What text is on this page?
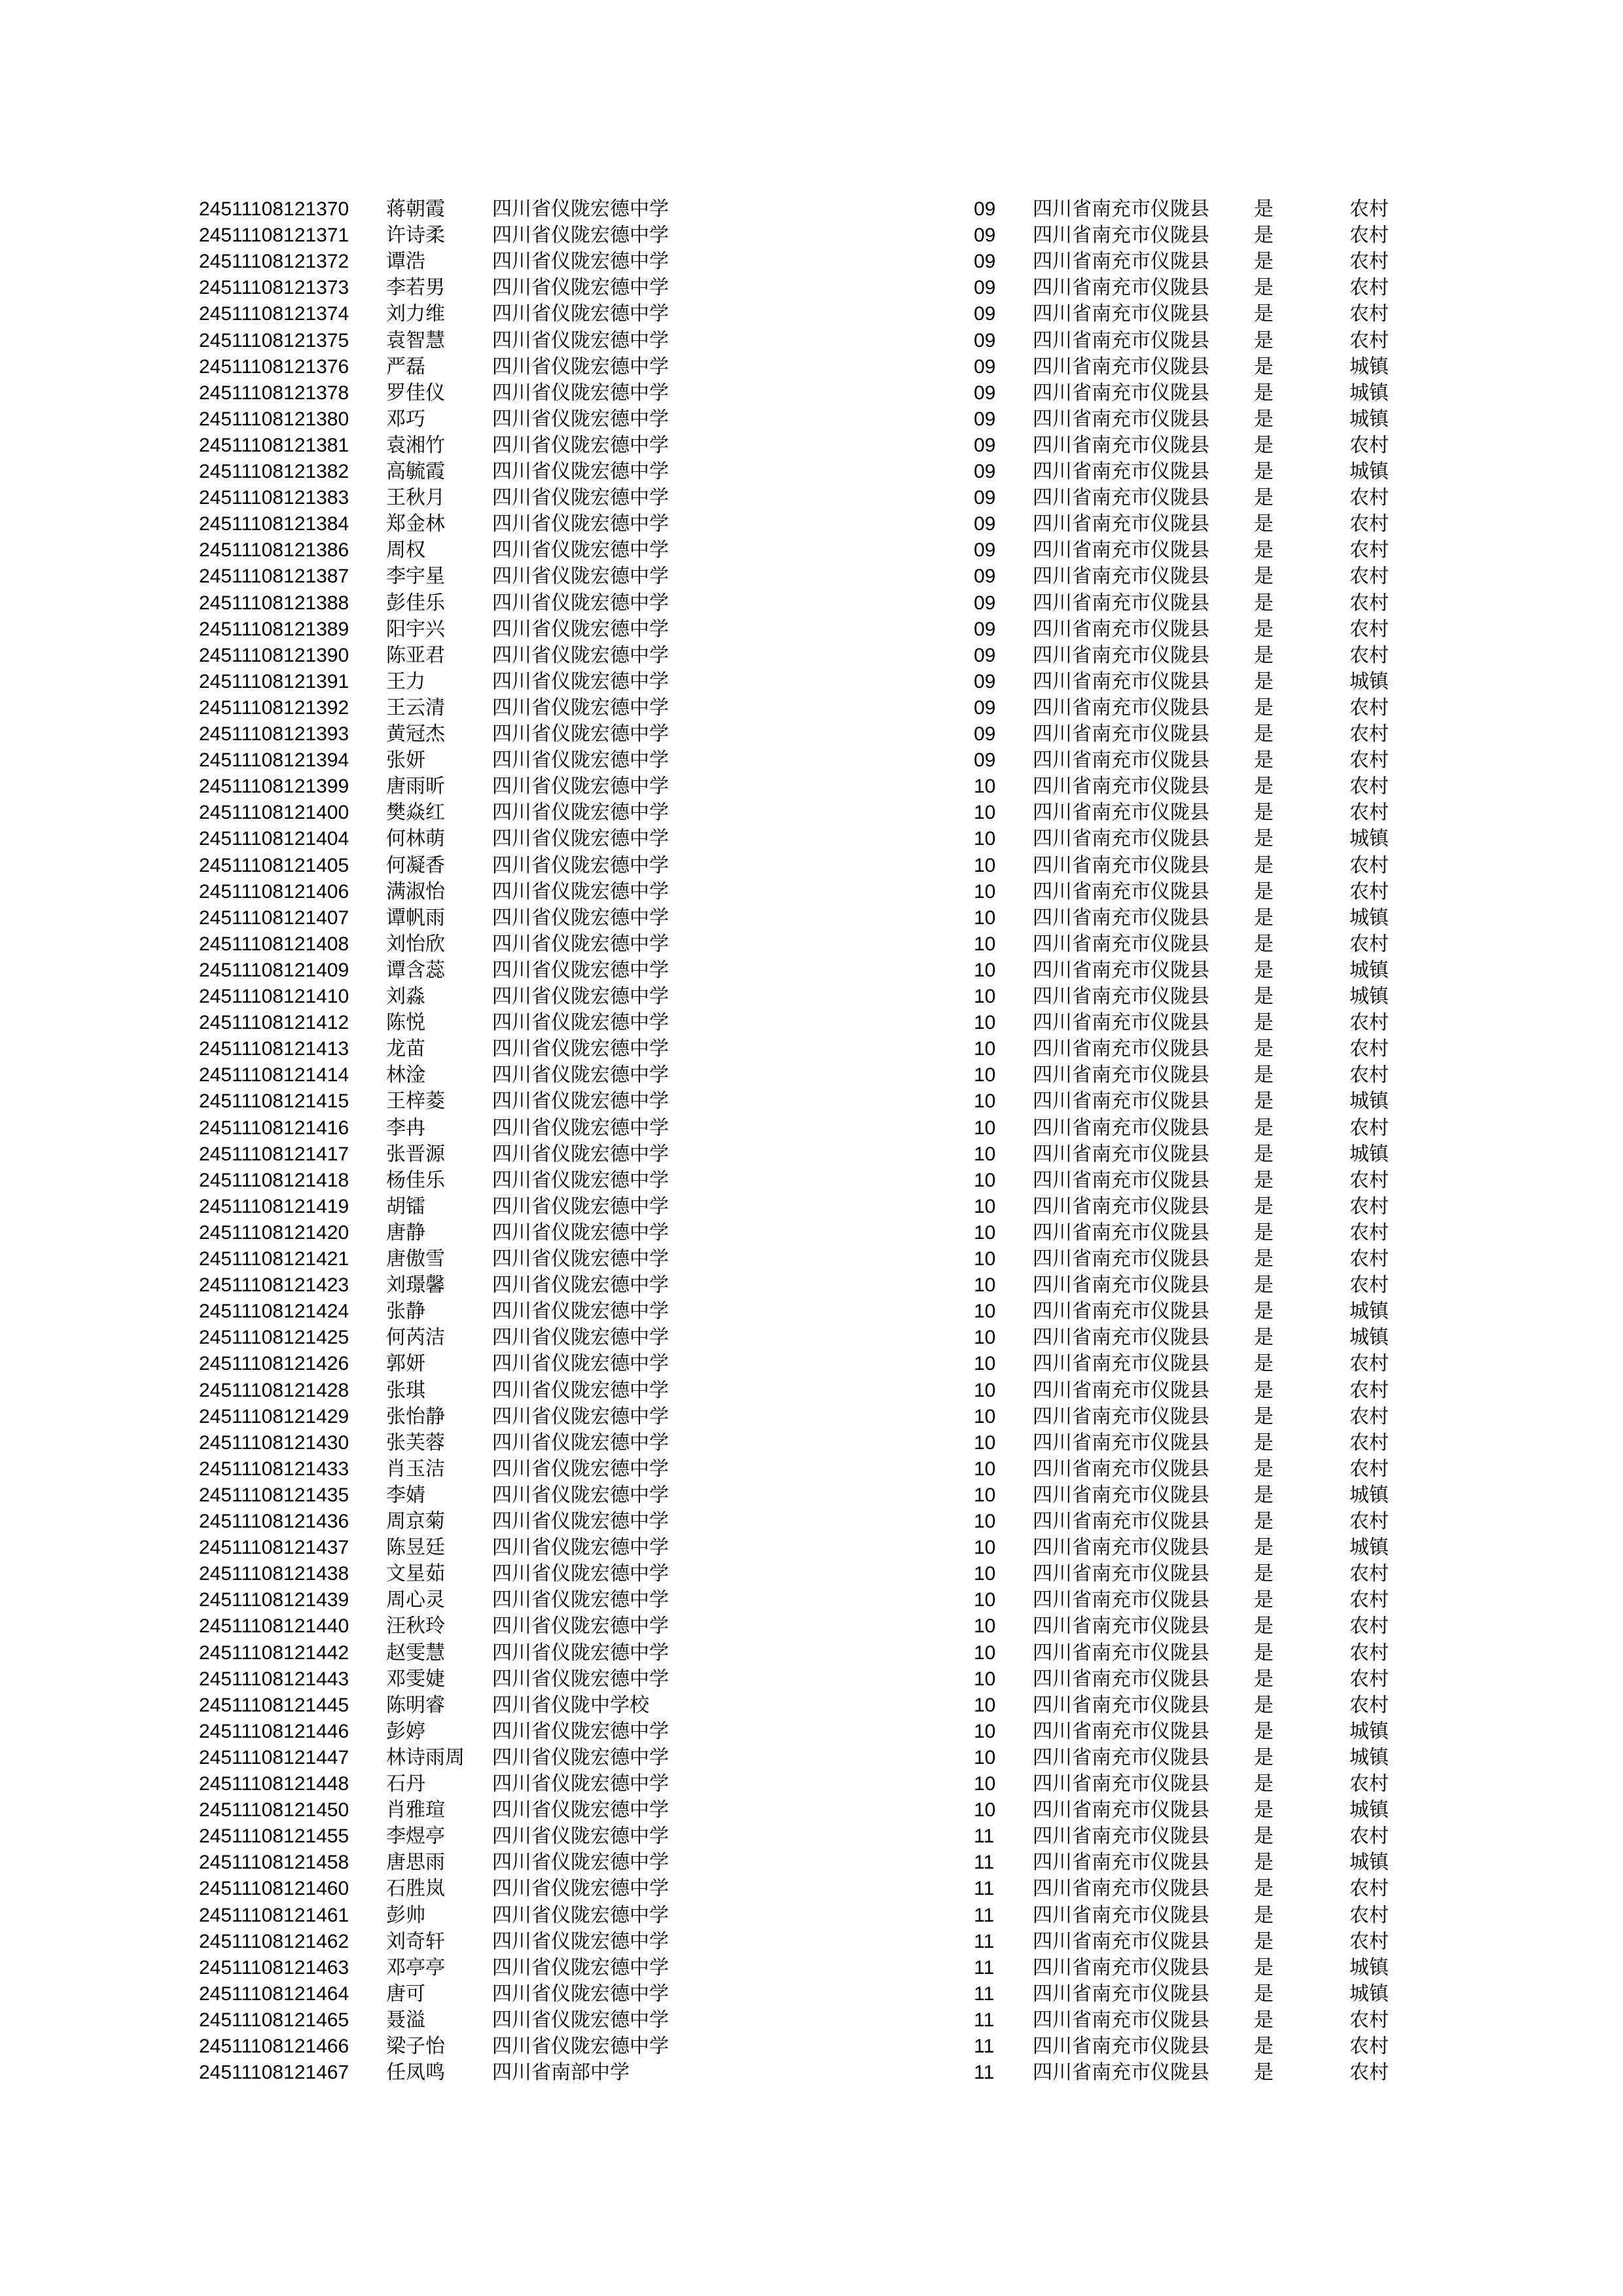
24511108121370 蒋朝霞 四川省仪陇宏德中学	09 四川省南充市仪陇县 是	农村
24511108121371 许诗柔 四川省仪陇宏德中学	09 四川省南充市仪陇县 是	农村
24511108121372 谭浩	四川省仪陇宏德中学	09 四川省南充市仪陇县 是	农村
24511108121373 李若男 四川省仪陇宏德中学	09 四川省南充市仪陇县 是	农村
24511108121374 刘力维 四川省仪陇宏德中学	09 四川省南充市仪陇县 是	农村
24511108121375 袁智慧 四川省仪陇宏德中学	09 四川省南充市仪陇县 是	农村
24511108121376 严磊	四川省仪陇宏德中学	09 四川省南充市仪陇县 是	城镇
24511108121378 罗佳仪 四川省仪陇宏德中学	09 四川省南充市仪陇县 是	城镇
24511108121380 邓巧	四川省仪陇宏德中学	09 四川省南充市仪陇县 是	城镇
24511108121381 袁湘竹 四川省仪陇宏德中学	09 四川省南充市仪陇县 是	农村
24511108121382 高毓霞 四川省仪陇宏德中学	09 四川省南充市仪陇县 是	城镇
24511108121383 王秋月 四川省仪陇宏德中学	09 四川省南充市仪陇县 是	农村
24511108121384 郑金林 四川省仪陇宏德中学	09 四川省南充市仪陇县 是	农村
24511108121386 周权	四川省仪陇宏德中学	09 四川省南充市仪陇县 是	农村
24511108121387 李宇星 四川省仪陇宏德中学	09 四川省南充市仪陇县 是	农村
24511108121388 彭佳乐 四川省仪陇宏德中学	09 四川省南充市仪陇县 是	农村
24511108121389 阳宇兴 四川省仪陇宏德中学	09 四川省南充市仪陇县 是	农村
24511108121390 陈亚君 四川省仪陇宏德中学	09 四川省南充市仪陇县 是	农村
24511108121391 王力	四川省仪陇宏德中学	09 四川省南充市仪陇县 是	城镇
24511108121392 王云清 四川省仪陇宏德中学	09 四川省南充市仪陇县 是	农村
24511108121393 黄冠杰 四川省仪陇宏德中学	09 四川省南充市仪陇县 是	农村
24511108121394 张妍	四川省仪陇宏德中学	09 四川省南充市仪陇县 是	农村
24511108121399 唐雨昕 四川省仪陇宏德中学	10 四川省南充市仪陇县 是	农村
24511108121400 樊焱红 四川省仪陇宏德中学	10 四川省南充市仪陇县 是	农村
24511108121404 何林萌 四川省仪陇宏德中学	10 四川省南充市仪陇县 是	城镇
24511108121405 何凝香 四川省仪陇宏德中学	10 四川省南充市仪陇县 是	农村
24511108121406 满淑怡 四川省仪陇宏德中学	10 四川省南充市仪陇县 是	农村
24511108121407 谭帆雨 四川省仪陇宏德中学	10 四川省南充市仪陇县 是	城镇
24511108121408 刘怡欣 四川省仪陇宏德中学	10 四川省南充市仪陇县 是	农村
24511108121409 谭含蕊 四川省仪陇宏德中学	10 四川省南充市仪陇县 是	城镇
24511108121410 刘淼	四川省仪陇宏德中学	10 四川省南充市仪陇县 是	城镇
24511108121412 陈悦	四川省仪陇宏德中学	10 四川省南充市仪陇县 是	农村
24511108121413 龙苗	四川省仪陇宏德中学	10 四川省南充市仪陇县 是	农村
24511108121414 林淦	四川省仪陇宏德中学	10 四川省南充市仪陇县 是	农村
24511108121415 王梓菱 四川省仪陇宏德中学	10 四川省南充市仪陇县 是	城镇
24511108121416 李冉	四川省仪陇宏德中学	10 四川省南充市仪陇县 是	农村
24511108121417 张晋源 四川省仪陇宏德中学	10 四川省南充市仪陇县 是	城镇
24511108121418 杨佳乐 四川省仪陇宏德中学	10 四川省南充市仪陇县 是	农村
24511108121419 胡镭	四川省仪陇宏德中学	10 四川省南充市仪陇县 是	农村
24511108121420 唐静	四川省仪陇宏德中学	10 四川省南充市仪陇县 是	农村
24511108121421 唐傲雪 四川省仪陇宏德中学	10 四川省南充市仪陇县 是	农村
24511108121423 刘璟馨 四川省仪陇宏德中学	10 四川省南充市仪陇县 是	农村
24511108121424 张静	四川省仪陇宏德中学	10 四川省南充市仪陇县 是	城镇
24511108121425 何芮洁 四川省仪陇宏德中学	10 四川省南充市仪陇县 是	城镇
24511108121426 郭妍	四川省仪陇宏德中学	10 四川省南充市仪陇县 是	农村
24511108121428 张琪	四川省仪陇宏德中学	10 四川省南充市仪陇县 是	农村
24511108121429 张怡静 四川省仪陇宏德中学	10 四川省南充市仪陇县 是	农村
24511108121430 张芙蓉 四川省仪陇宏德中学	10 四川省南充市仪陇县 是	农村
24511108121433 肖玉洁 四川省仪陇宏德中学	10 四川省南充市仪陇县 是	农村
24511108121435 李婧	四川省仪陇宏德中学	10 四川省南充市仪陇县 是	城镇
24511108121436 周京菊 四川省仪陇宏德中学	10 四川省南充市仪陇县 是	农村
24511108121437 陈昱廷 四川省仪陇宏德中学	10 四川省南充市仪陇县 是	城镇
24511108121438 文星茹 四川省仪陇宏德中学	10 四川省南充市仪陇县 是	农村
24511108121439 周心灵 四川省仪陇宏德中学	10 四川省南充市仪陇县 是	农村
24511108121440 汪秋玲 四川省仪陇宏德中学	10 四川省南充市仪陇县 是	农村
24511108121442 赵雯慧 四川省仪陇宏德中学	10 四川省南充市仪陇县 是	农村
24511108121443 邓雯婕 四川省仪陇宏德中学	10 四川省南充市仪陇县 是	农村
24511108121445 陈明睿 四川省仪陇中学校	10 四川省南充市仪陇县 是	农村
24511108121446 彭婷	四川省仪陇宏德中学	10 四川省南充市仪陇县 是	城镇
24511108121447 林诗雨周 四川省仪陇宏德中学	10 四川省南充市仪陇县 是	城镇
24511108121448 石丹	四川省仪陇宏德中学	10 四川省南充市仪陇县 是	农村
24511108121450 肖雅瑄 四川省仪陇宏德中学	10 四川省南充市仪陇县 是	城镇
24511108121455 李煜亭 四川省仪陇宏德中学	11 四川省南充市仪陇县 是	农村
24511108121458 唐思雨 四川省仪陇宏德中学	11 四川省南充市仪陇县 是	城镇
24511108121460 石胜岚 四川省仪陇宏德中学	11 四川省南充市仪陇县 是	农村
24511108121461 彭帅	四川省仪陇宏德中学	11 四川省南充市仪陇县 是	农村
24511108121462 刘奇轩 四川省仪陇宏德中学	11 四川省南充市仪陇县 是	农村
24511108121463 邓亭亭 四川省仪陇宏德中学	11 四川省南充市仪陇县 是	城镇
24511108121464 唐可	四川省仪陇宏德中学	11 四川省南充市仪陇县 是	城镇
24511108121465 聂溢	四川省仪陇宏德中学	11 四川省南充市仪陇县 是	农村
24511108121466 梁子怡 四川省仪陇宏德中学	11 四川省南充市仪陇县 是	农村
24511108121467 任凤鸣 四川省南部中学	11 四川省南充市仪陇县 是	农村
